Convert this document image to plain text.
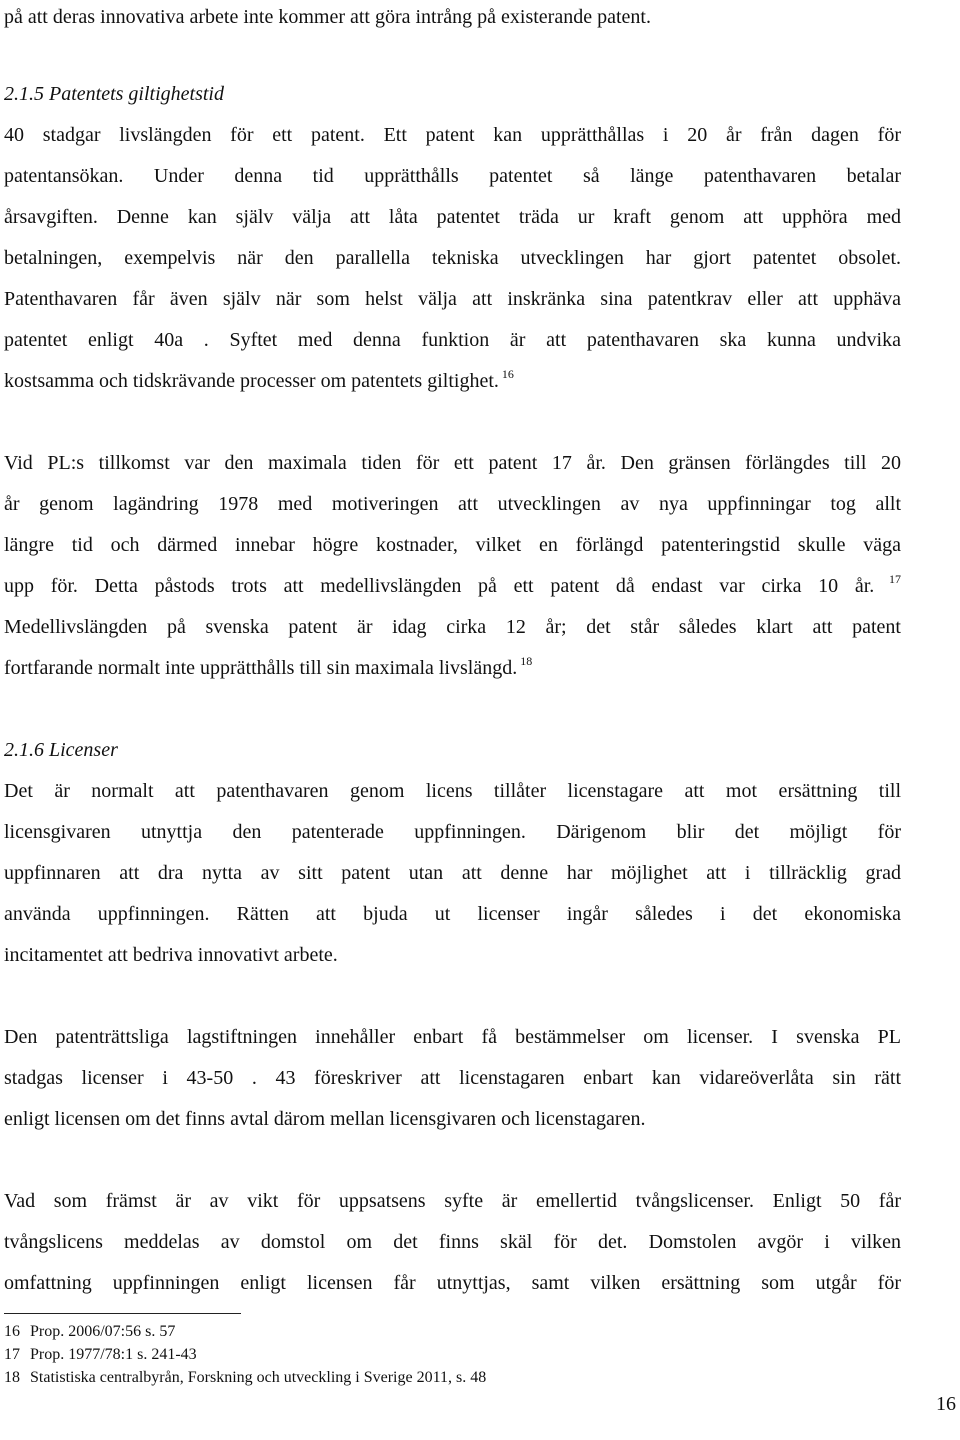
på att deras innovativa arbete inte kommer att göra intrång på existerande patent.
2.1.5 Patentets giltighetstid
40 stadgar livslängden för ett patent. Ett patent kan upprätthållas i 20 år från dagen för
patentansökan. Under denna tid upprätthålls patentet så länge patenthavaren betalar
årsavgiften. Denne kan själv välja att låta patentet träda ur kraft genom att upphöra med
betalningen, exempelvis när den parallella tekniska utvecklingen har gjort patentet obsolet.
Patenthavaren får även själv när som helst välja att inskränka sina patentkrav eller att upphäva
patentet enligt 40a . Syftet med denna funktion är att patenthavaren ska kunna undvika
kostsamma och tidskrävande processer om patentets giltighet. $^{16}$
Vid PL:s tillkomst var den maximala tiden för ett patent 17 år. Den gränsen förlängdes till 20
år genom lagändring 1978 med motiveringen att utvecklingen av nya uppfinningar tog allt
längre tid och därmed innebar högre kostnader, vilket en förlängd patenteringstid skulle väga
upp för. Detta påstods trots att medellivslängden på ett patent då endast var cirka 10 år. $^{17}$
Medellivslängden på svenska patent är idag cirka 12 år; det står således klart att patent
fortfarande normalt inte upprätthålls till sin maximala livslängd. $^{18}$
2.1.6 Licenser
Det är normalt att patenthavaren genom licens tillåter licenstagare att mot ersättning till
licensgivaren utnyttja den patenterade uppfinningen. Därigenom blir det möjligt för
uppfinnaren att dra nytta av sitt patent utan att denne har möjlighet att i tillräcklig grad
använda uppfinningen. Rätten att bjuda ut licenser ingår således i det ekonomiska
incitamentet att bedriva innovativt arbete.
Den patenträttsliga lagstiftningen innehåller enbart få bestämmelser om licenser. I svenska PL
stadgas licenser i 43-50 . 43 föreskriver att licenstagaren enbart kan vidareöverlåta sin rätt
enligt licensen om det finns avtal därom mellan licensgivaren och licenstagaren.
Vad som främst är av vikt för uppsatsens syfte är emellertid tvångslicenser. Enligt 50 får
tvångslicens meddelas av domstol om det finns skäl för det. Domstolen avgör i vilken
omfattning uppfinningen enligt licensen får utnyttjas, samt vilken ersättning som utgår för
16 Prop. 2006/07:56 s. 57
17 Prop. 1977/78:1 s. 241-43
18 Statistiska centralbyrån, Forskning och utveckling i Sverige 2011, s. 48
16
